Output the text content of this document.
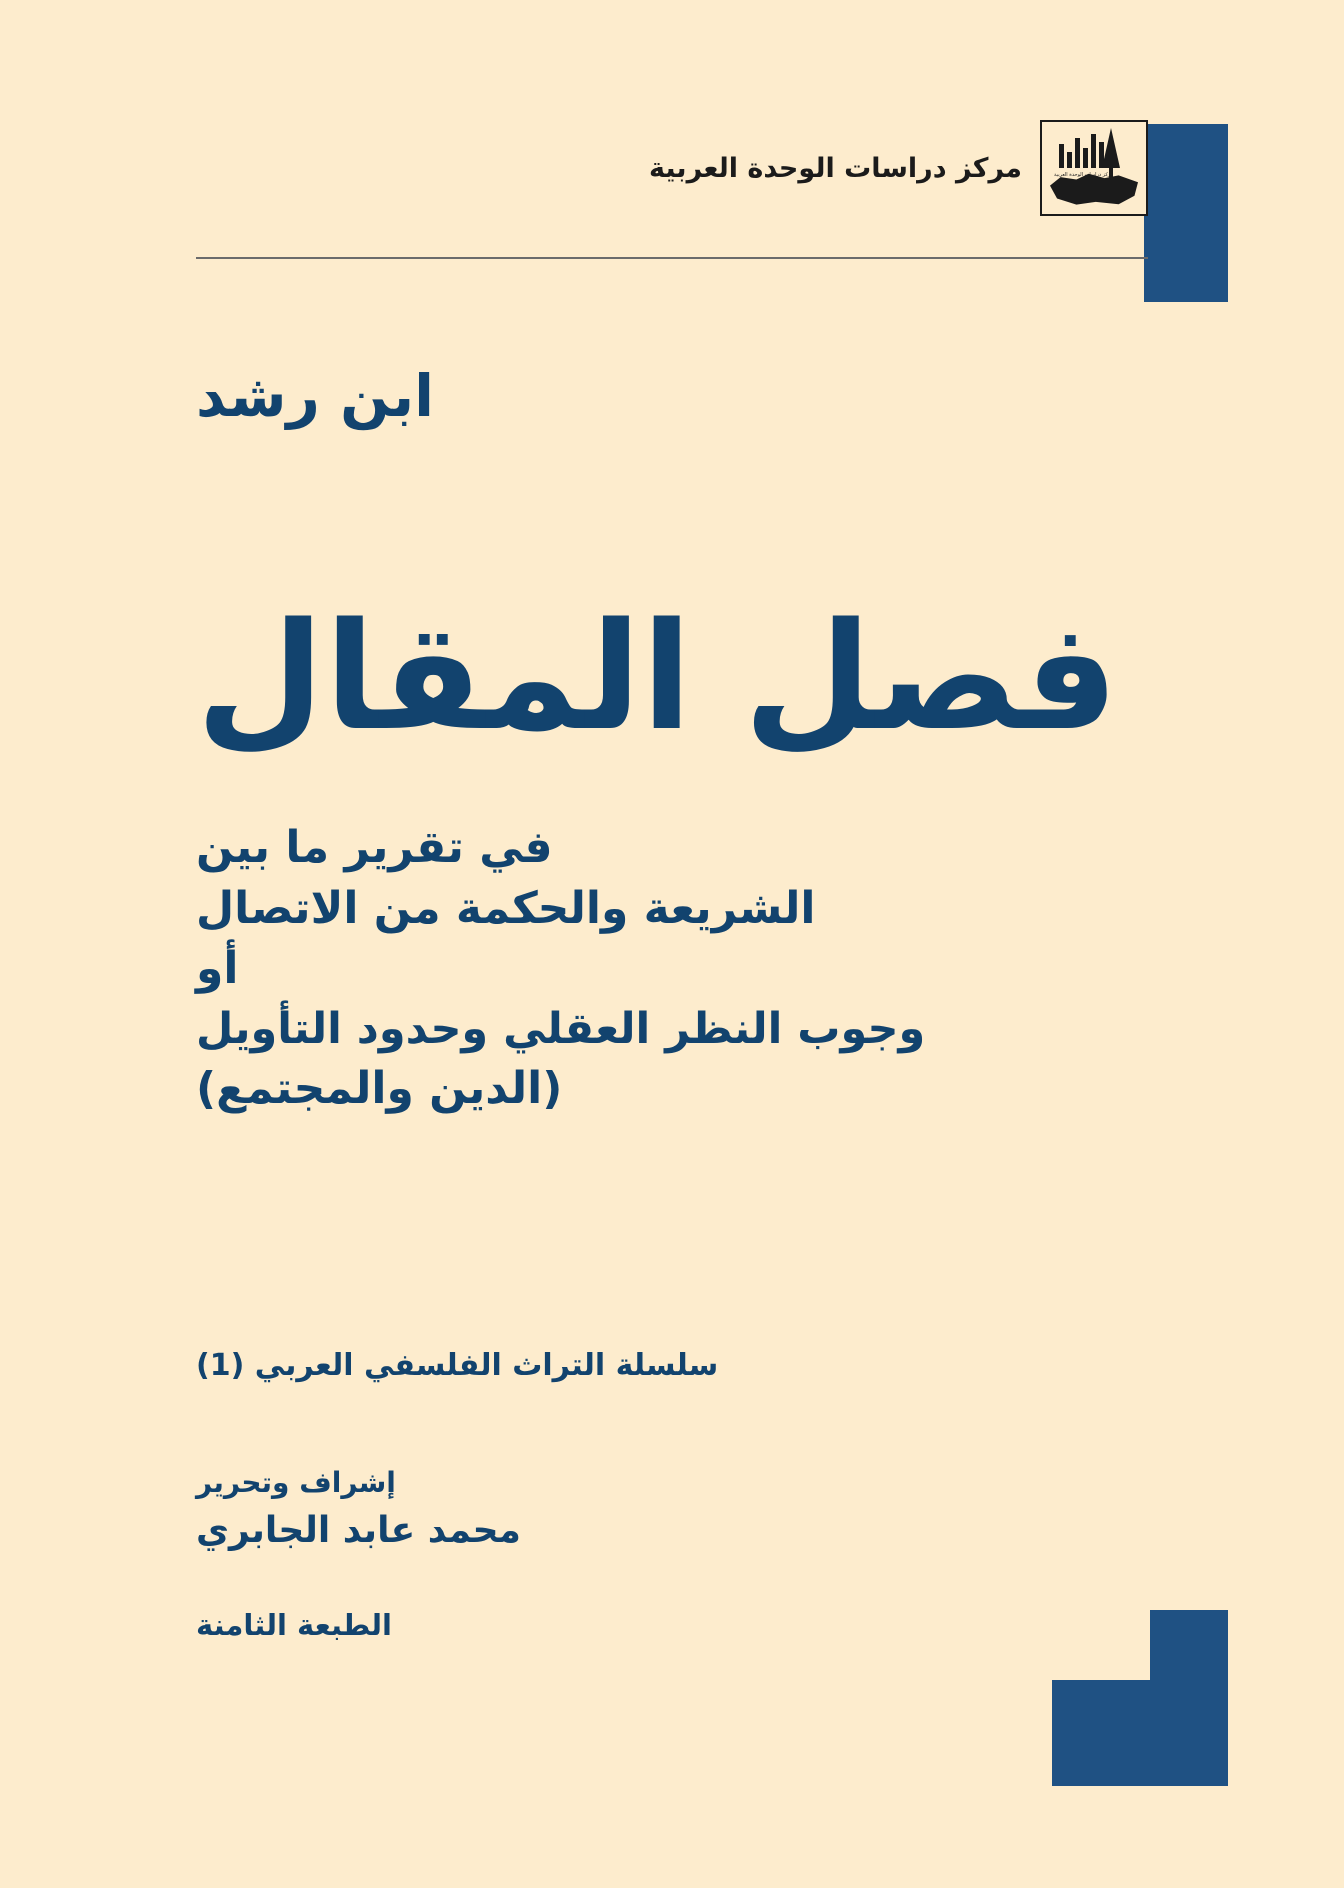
مركز دراسات الوحدة العربية
مركز دراسات الوحدة العربية
ابن رشد
فصل المقال
في تقرير ما بين
الشريعة والحكمة من الاتصال
أو
وجوب النظر العقلي وحدود التأويل
(الدين والمجتمع)
سلسلة التراث الفلسفي العربي (1)
إشراف وتحرير
محمد عابد الجابري
الطبعة الثامنة
